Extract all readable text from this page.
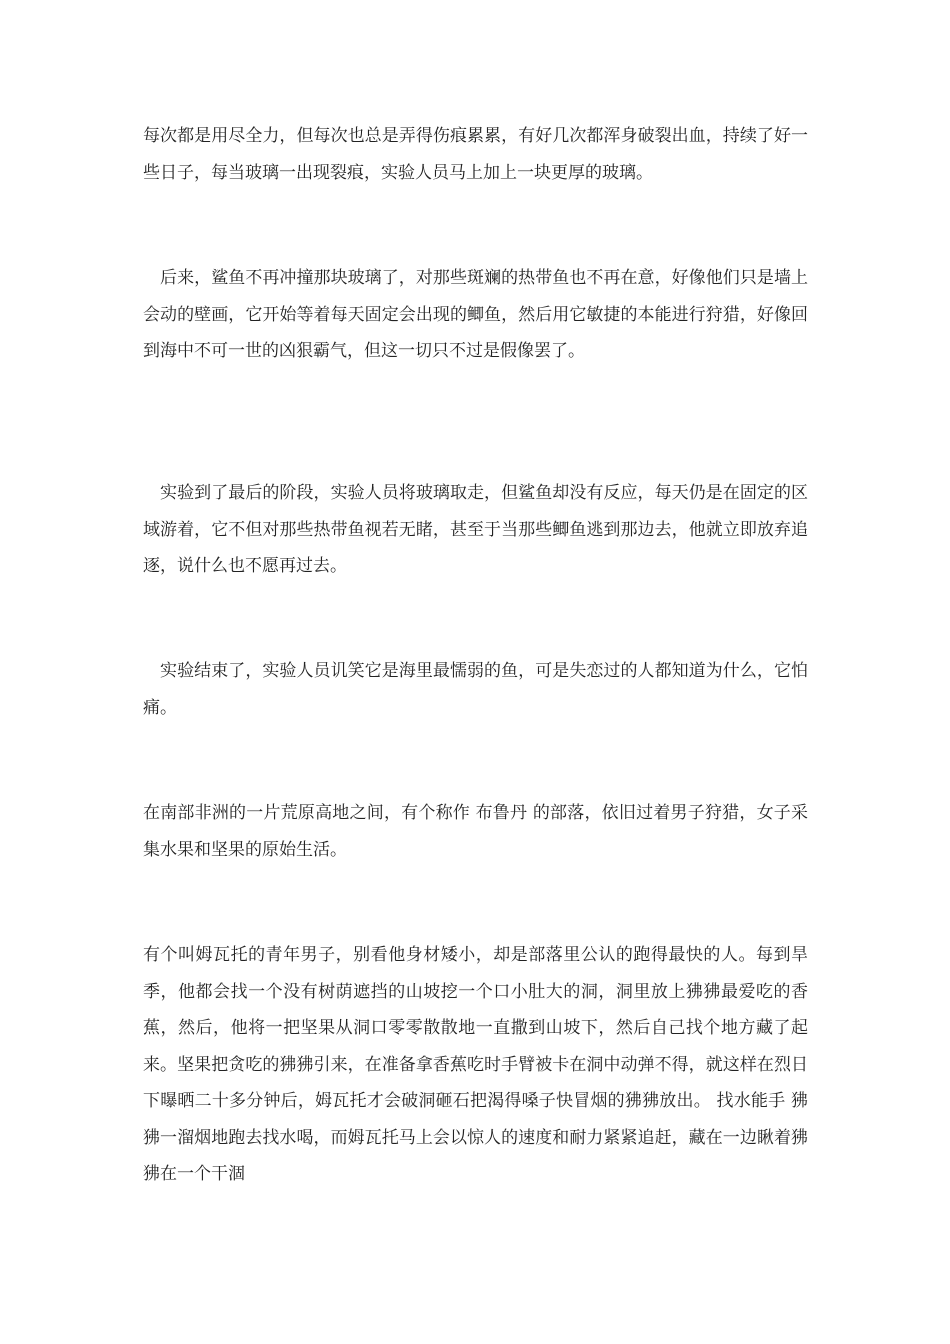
每次都是用尽全力，但每次也总是弄得伤痕累累，有好几次都浑身破裂出血，持续了好一些日子，每当玻璃一出现裂痕，实验人员马上加上一块更厚的玻璃。

　后来，鲨鱼不再冲撞那块玻璃了，对那些斑斓的热带鱼也不再在意，好像他们只是墙上会动的壁画，它开始等着每天固定会出现的鲫鱼，然后用它敏捷的本能进行狩猎，好像回到海中不可一世的凶狠霸气，但这一切只不过是假像罢了。

　实验到了最后的阶段，实验人员将玻璃取走，但鲨鱼却没有反应，每天仍是在固定的区域游着，它不但对那些热带鱼视若无睹，甚至于当那些鲫鱼逃到那边去，他就立即放弃追逐，说什么也不愿再过去。

　实验结束了，实验人员讥笑它是海里最懦弱的鱼，可是失恋过的人都知道为什么，它怕痛。

在南部非洲的一片荒原高地之间，有个称作 布鲁丹 的部落，依旧过着男子狩猎，女子采集水果和坚果的原始生活。

有个叫姆瓦托的青年男子，别看他身材矮小，却是部落里公认的跑得最快的人。每到旱季，他都会找一个没有树荫遮挡的山坡挖一个口小肚大的洞，洞里放上狒狒最爱吃的香蕉，然后，他将一把坚果从洞口零零散散地一直撒到山坡下，然后自己找个地方藏了起来。坚果把贪吃的狒狒引来，在准备拿香蕉吃时手臂被卡在洞中动弹不得，就这样在烈日下曝晒二十多分钟后，姆瓦托才会破洞砸石把渴得嗓子快冒烟的狒狒放出。 找水能手 狒狒一溜烟地跑去找水喝，而姆瓦托马上会以惊人的速度和耐力紧紧追赶，藏在一边瞅着狒狒在一个干涸
